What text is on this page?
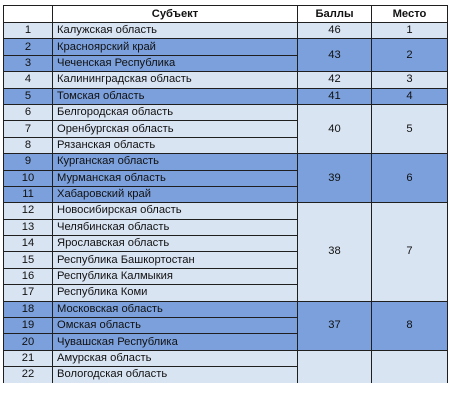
	Субъект	Баллы	Место
1	Калужская область	46	1
2	Красноярский край	43	2
3	Чеченская Республика		
4	Калининградская область	42	3
5	Томская область	41	4
6	Белгородская область	40	5
7	Оренбургская область		
8	Рязанская область		
9	Курганская область	39	6
10	Мурманская область		
11	Хабаровский край		
12	Новосибирская область	38	7
13	Челябинская область		
14	Ярославская область		
15	Республика Башкортостан		
16	Республика Калмыкия		
17	Республика Коми		
18	Московская область	37	8
19	Омская область		
20	Чувашская Республика		
21	Амурская область		
22	Вологодская область		
